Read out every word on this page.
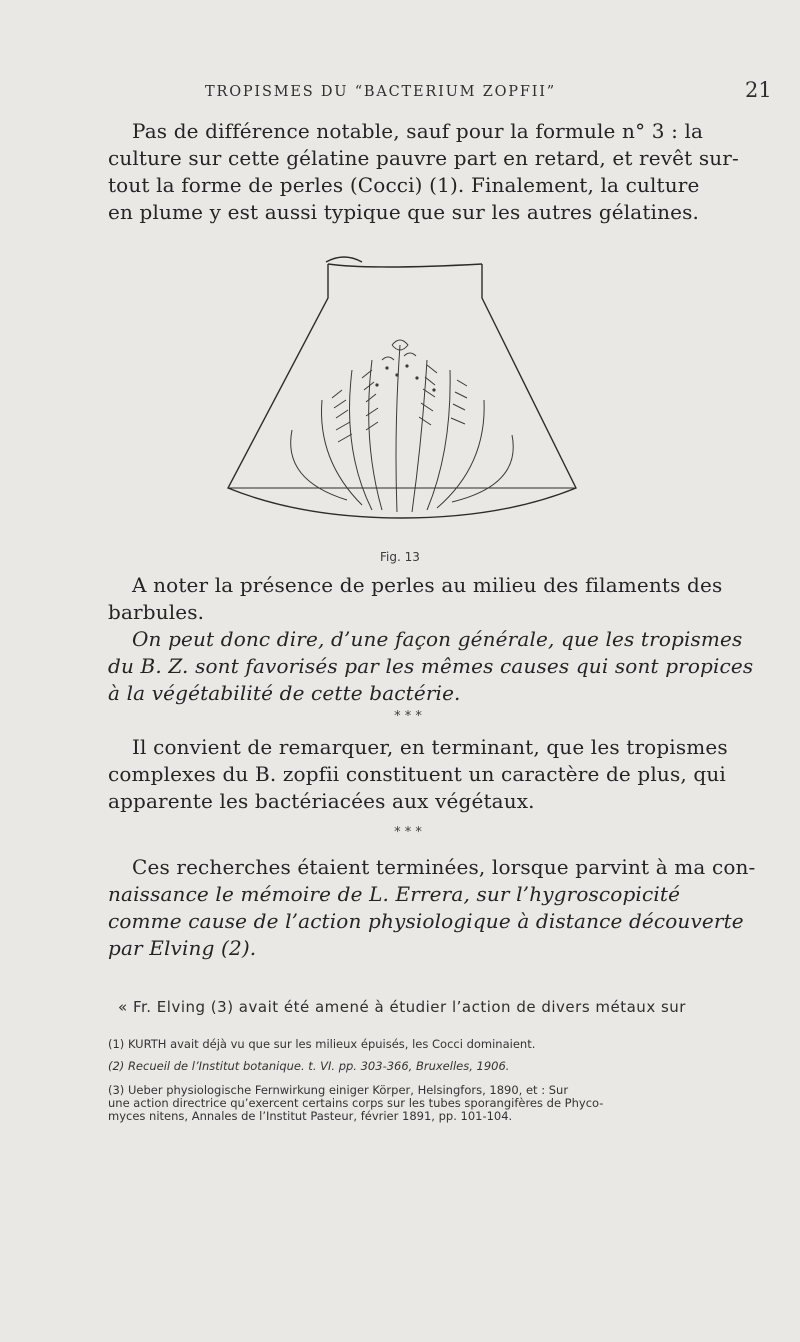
TROPISMES DU “BACTERIUM ZOPFII”	21
Pas de différence notable, sauf pour la formule n° 3 : la
culture sur cette gélatine pauvre part en retard, et revêt sur-
tout la forme de perles (Cocci) (1). Finalement, la culture
en plume y est aussi typique que sur les autres gélatines.
Fig. 13
A noter la présence de perles au milieu des filaments des
barbules.
On peut donc dire, d’une façon générale, que les tropismes
du B. Z. sont favorisés par les mêmes causes qui sont propices
à la végétabilité de cette bactérie.
* * *
Il convient de remarquer, en terminant, que les tropismes
complexes du B. zopfii constituent un caractère de plus, qui
apparente les bactériacées aux végétaux.
* * *
Ces recherches étaient terminées, lorsque parvint à ma con-
naissance le mémoire de L. Errera, sur l’hygroscopicité
comme cause de l’action physiologique à distance découverte
par Elving (2).
« Fr. Elving (3) avait été amené à étudier l’action de divers métaux sur
(1) KURTH avait déjà vu que sur les milieux épuisés, les Cocci dominaient.
(2) Recueil de l’Institut botanique. t. VI. pp. 303-366, Bruxelles, 1906.
(3) Ueber physiologische Fernwirkung einiger Körper, Helsingfors, 1890, et : Sur
une action directrice qu’exercent certains corps sur les tubes sporangifères de Phyco-
myces nitens, Annales de l’Institut Pasteur, février 1891, pp. 101-104.
